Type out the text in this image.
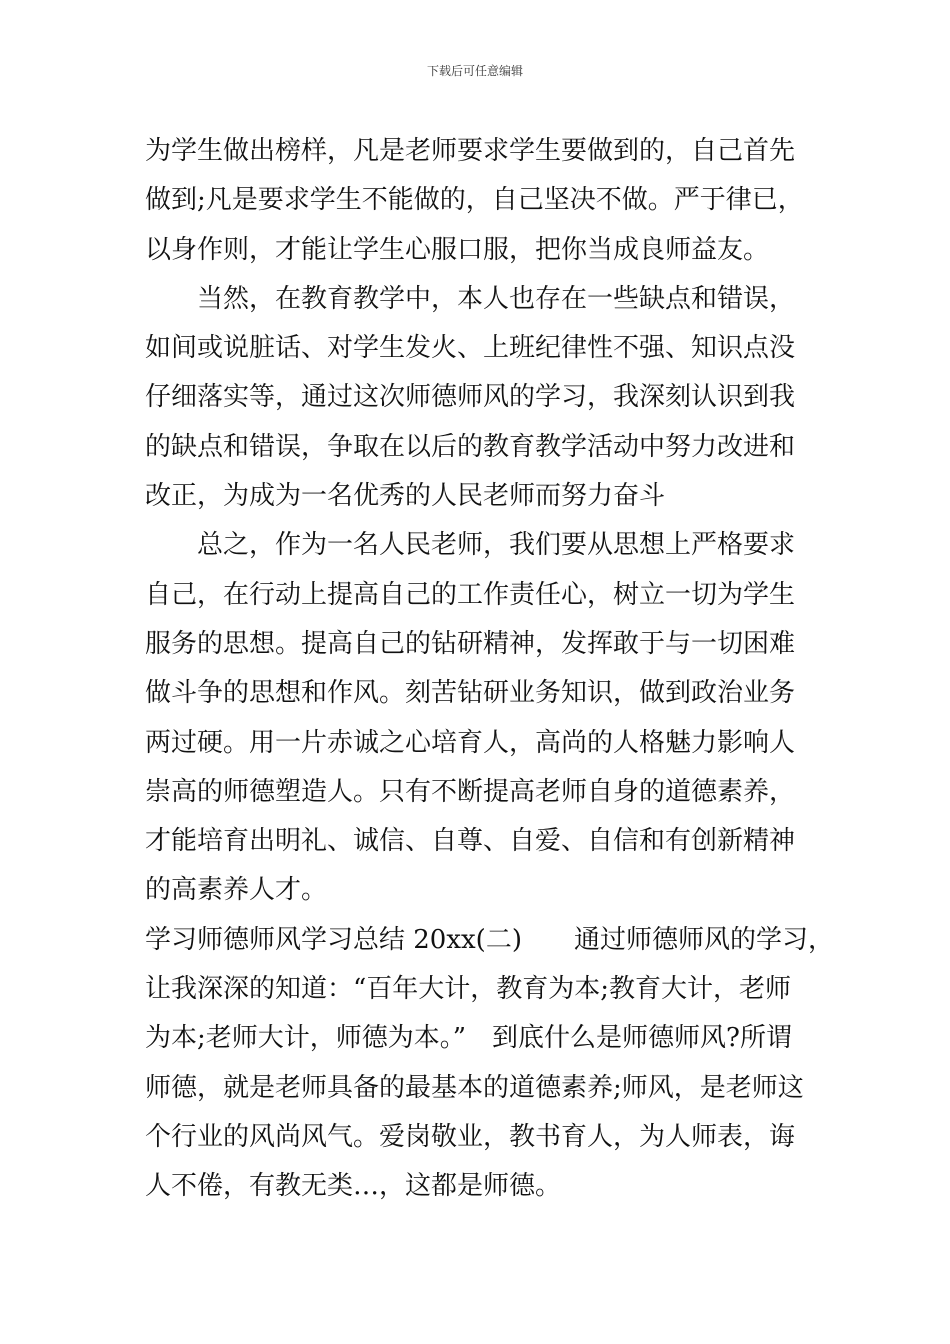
下载后可任意编辑
为学生做出榜样，凡是老师要求学生要做到的，自己首先
做到;凡是要求学生不能做的，自己坚决不做。严于律已，
以身作则，才能让学生心服口服，把你当成良师益友。
当然，在教育教学中，本人也存在一些缺点和错误，
如间或说脏话、对学生发火、上班纪律性不强、知识点没
仔细落实等，通过这次师德师风的学习，我深刻认识到我
的缺点和错误，争取在以后的教育教学活动中努力改进和
改正，为成为一名优秀的人民老师而努力奋斗
总之，作为一名人民老师，我们要从思想上严格要求
自己，在行动上提高自己的工作责任心，树立一切为学生
服务的思想。提高自己的钻研精神，发挥敢于与一切困难
做斗争的思想和作风。刻苦钻研业务知识，做到政治业务
两过硬。用一片赤诚之心培育人，高尚的人格魅力影响人
崇高的师德塑造人。只有不断提高老师自身的道德素养，
才能培育出明礼、诚信、自尊、自爱、自信和有创新精神
的高素养人才。
学习师德师风学习总结 20xx(二)　　通过师德师风的学习，
让我深深的知道：“百年大计，教育为本;教育大计，老师
为本;老师大计，师德为本。”　到底什么是师德师风?所谓
师德，就是老师具备的最基本的道德素养;师风，是老师这
个行业的风尚风气。爱岗敬业，教书育人，为人师表，诲
人不倦，有教无类…，这都是师德。
